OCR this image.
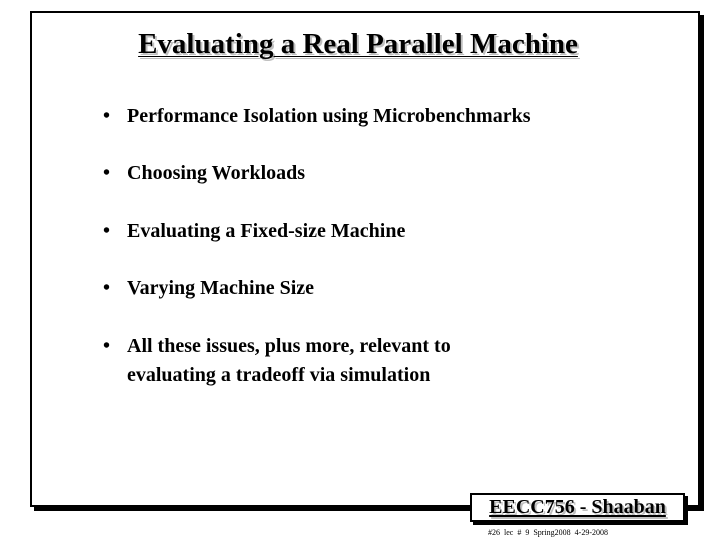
Evaluating a Real Parallel Machine
• Performance Isolation using Microbenchmarks
• Choosing Workloads
• Evaluating a Fixed-size Machine
• Varying Machine Size
• All these issues, plus more, relevant to
evaluating a tradeoff via simulation
EECC756 - Shaaban
#26 lec # 9 Spring2008 4-29-2008
